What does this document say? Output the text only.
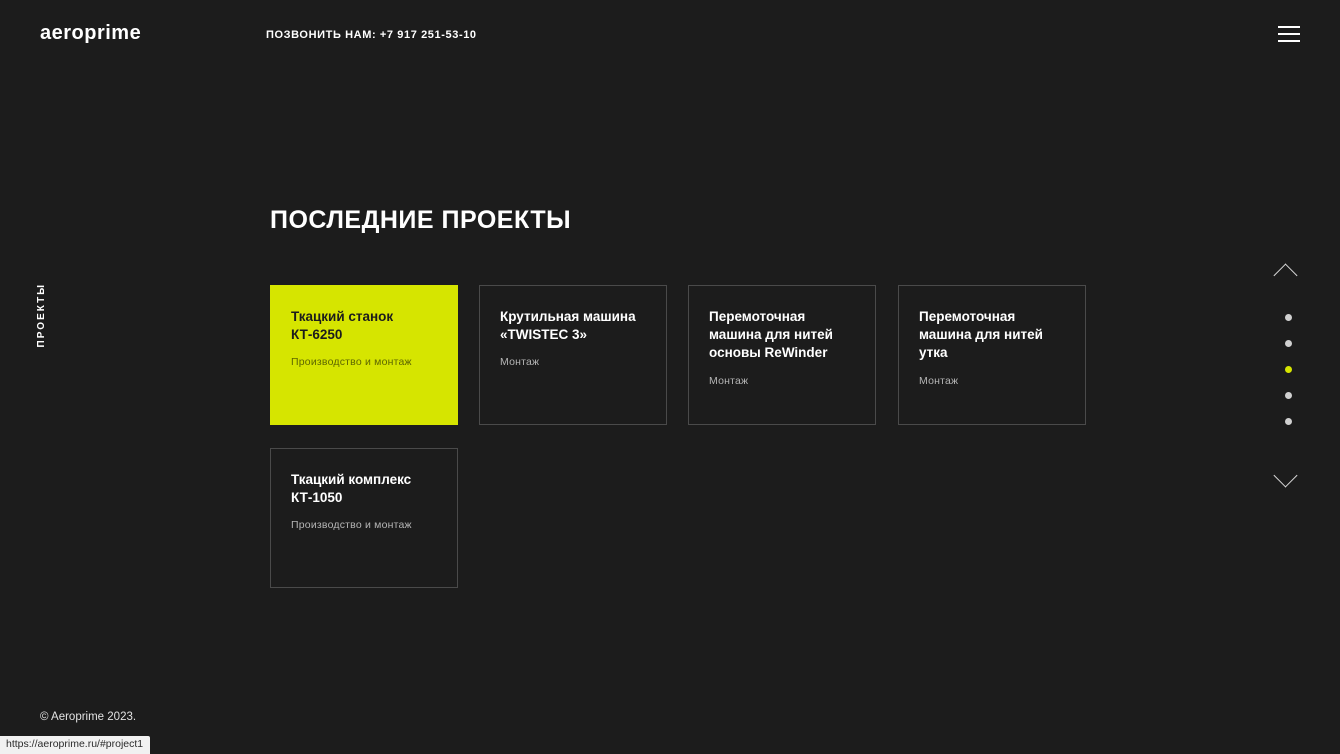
aeroprime	ПОЗВОНИТЬ НАМ: +7 917 251-53-10
ПРОЕКТЫ
ПОСЛЕДНИЕ ПРОЕКТЫ
Ткацкий станок КТ-6250
Производство и монтаж
Крутильная машина «TWISTEC 3»
Монтаж
Перемоточная машина для нитей основы ReWinder
Монтаж
Перемоточная машина для нитей утка
Монтаж
Ткацкий комплекс КТ-1050
Производство и монтаж
© Aeroprime 2023.
https://aeroprime.ru/#project1
